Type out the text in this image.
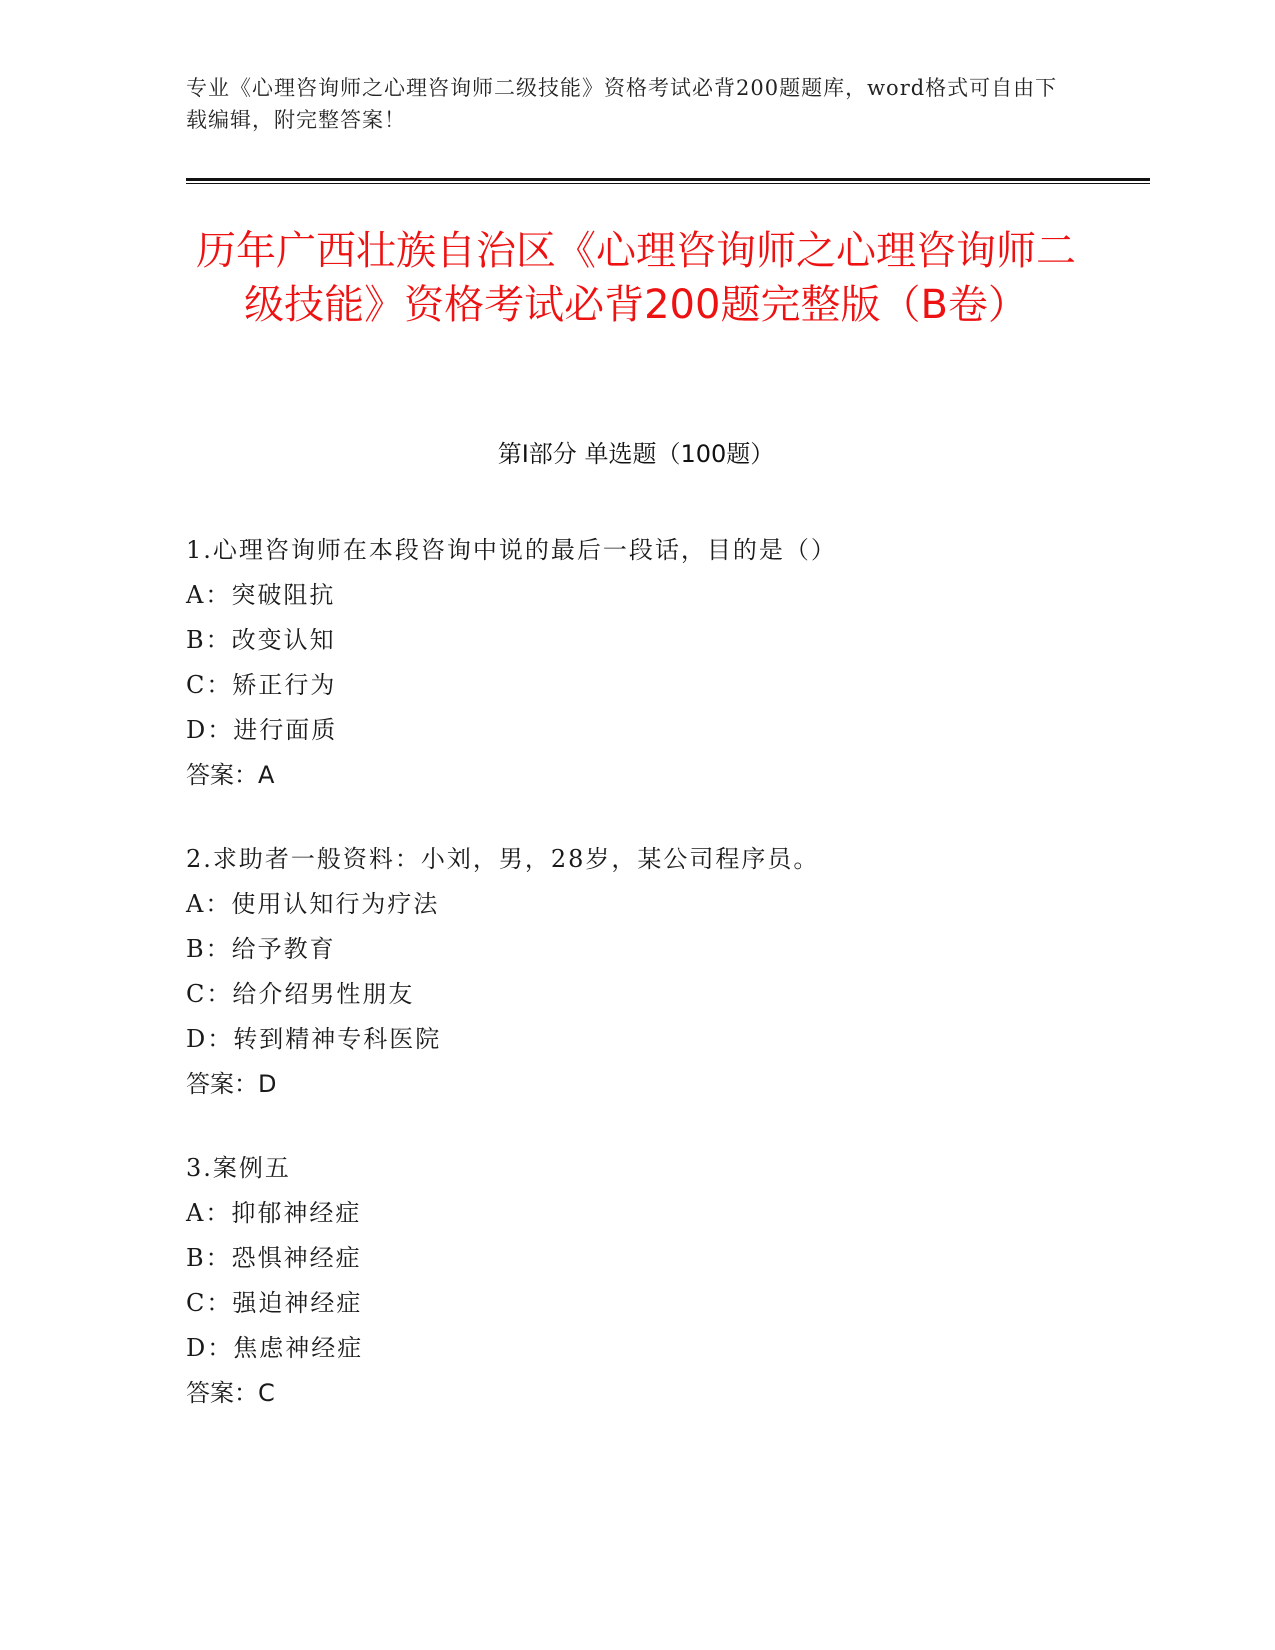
专业《心理咨询师之心理咨询师二级技能》资格考试必背200题题库，word格式可自由下载编辑，附完整答案！
历年广西壮族自治区《心理咨询师之心理咨询师二级技能》资格考试必背200题完整版（B卷）
第Ⅰ部分 单选题（100题）
1.心理咨询师在本段咨询中说的最后一段话，目的是（）
A：突破阻抗
B：改变认知
C：矫正行为
D：进行面质
答案：A
2.求助者一般资料：小刘，男，28岁，某公司程序员。
A：使用认知行为疗法
B：给予教育
C：给介绍男性朋友
D：转到精神专科医院
答案：D
3.案例五
A：抑郁神经症
B：恐惧神经症
C：强迫神经症
D：焦虑神经症
答案：C
